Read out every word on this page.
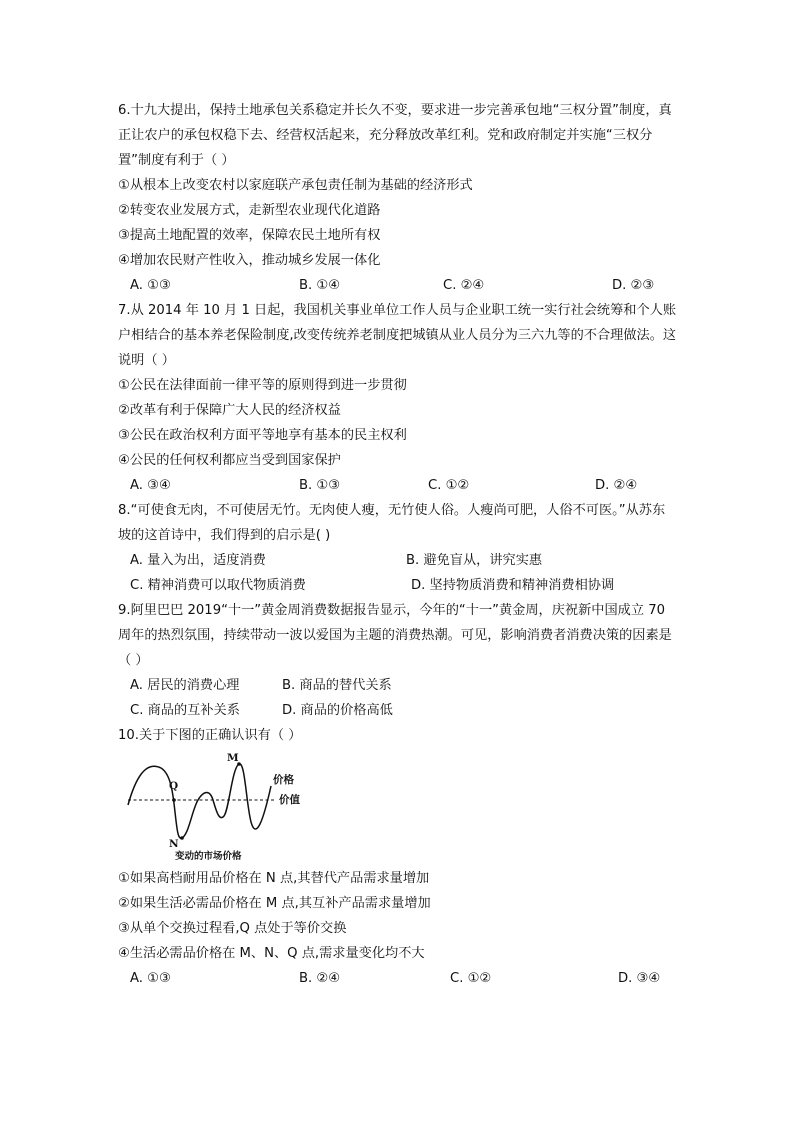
6.十九大提出，保持土地承包关系稳定并长久不变，要求进一步完善承包地“三权分置”制度，真正让农户的承包权稳下去、经营权活起来，充分释放改革红利。党和政府制定并实施“三权分置”制度有利于（ ）
①从根本上改变农村以家庭联产承包责任制为基础的经济形式
②转变农业发展方式，走新型农业现代化道路
③提高土地配置的效率，保障农民土地所有权
④增加农民财产性收入，推动城乡发展一体化
A. ①③	B. ①④	C. ②④	D. ②③
7.从 2014 年 10 月 1 日起，我国机关事业单位工作人员与企业职工统一实行社会统筹和个人账户相结合的基本养老保险制度,改变传统养老制度把城镇从业人员分为三六九等的不合理做法。这说明（ ）
①公民在法律面前一律平等的原则得到进一步贯彻
②改革有利于保障广大人民的经济权益
③公民在政治权利方面平等地享有基本的民主权利
④公民的任何权利都应当受到国家保护
A. ③④	B. ①③	C. ①②	D. ②④
8.“可使食无肉，不可使居无竹。无肉使人瘦，无竹使人俗。人瘦尚可肥，人俗不可医。”从苏东坡的这首诗中，我们得到的启示是( )
A. 量入为出，适度消费	B. 避免盲从，讲究实惠
C. 精神消费可以取代物质消费	D. 坚持物质消费和精神消费相协调
9.阿里巴巴 2019“十一”黄金周消费数据报告显示，今年的“十一”黄金周，庆祝新中国成立 70 周年的热烈氛围，持续带动一波以爱国为主题的消费热潮。可见，影响消费者消费决策的因素是（ ）
A. 居民的消费心理	B. 商品的替代关系
C. 商品的互补关系	D. 商品的价格高低
10.关于下图的正确认识有（ ）
M
Q
N
价格
价值
变动的市场价格
①如果高档耐用品价格在 N 点,其替代产品需求量增加
②如果生活必需品价格在 M 点,其互补产品需求量增加
③从单个交换过程看,Q 点处于等价交换
④生活必需品价格在 M、N、Q 点,需求量变化均不大
A. ①③	B. ②④	C. ①②	D. ③④
